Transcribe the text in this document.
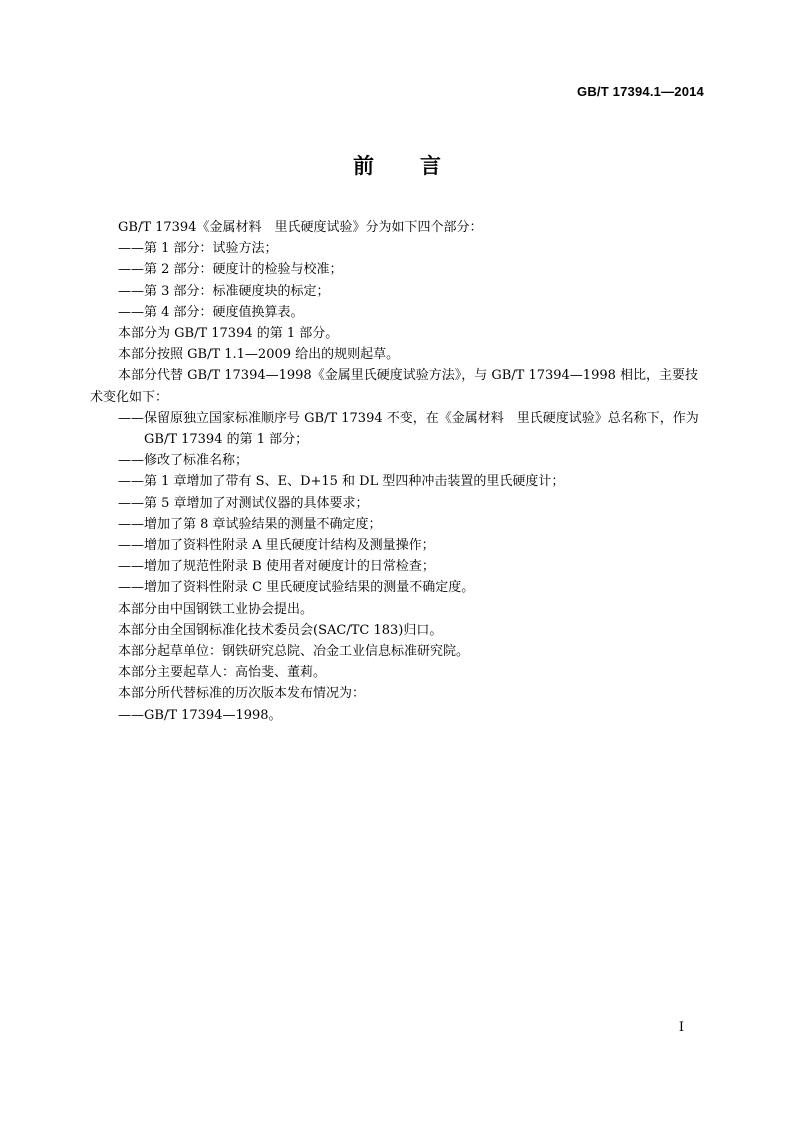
GB/T 17394.1—2014
前言

GB/T 17394《金属材料　里氏硬度试验》分为如下四个部分：

——第 1 部分：试验方法；

——第 2 部分：硬度计的检验与校准；

——第 3 部分：标准硬度块的标定；

——第 4 部分：硬度值换算表。

本部分为 GB/T 17394 的第 1 部分。

本部分按照 GB/T 1.1—2009 给出的规则起草。

本部分代替 GB/T 17394—1998《金属里氏硬度试验方法》，与 GB/T 17394—1998 相比，主要技术变化如下：

——保留原独立国家标准顺序号 GB/T 17394 不变，在《金属材料　里氏硬度试验》总名称下，作为 GB/T 17394 的第 1 部分；

——修改了标准名称；

——第 1 章增加了带有 S、E、D+15 和 DL 型四种冲击装置的里氏硬度计；

——第 5 章增加了对测试仪器的具体要求；

——增加了第 8 章试验结果的测量不确定度；

——增加了资料性附录 A 里氏硬度计结构及测量操作；

——增加了规范性附录 B 使用者对硬度计的日常检查；

——增加了资料性附录 C 里氏硬度试验结果的测量不确定度。

本部分由中国钢铁工业协会提出。

本部分由全国钢标准化技术委员会(SAC/TC 183)归口。

本部分起草单位：钢铁研究总院、冶金工业信息标准研究院。

本部分主要起草人：高怡斐、董莉。

本部分所代替标准的历次版本发布情况为：

——GB/T 17394—1998。

I
